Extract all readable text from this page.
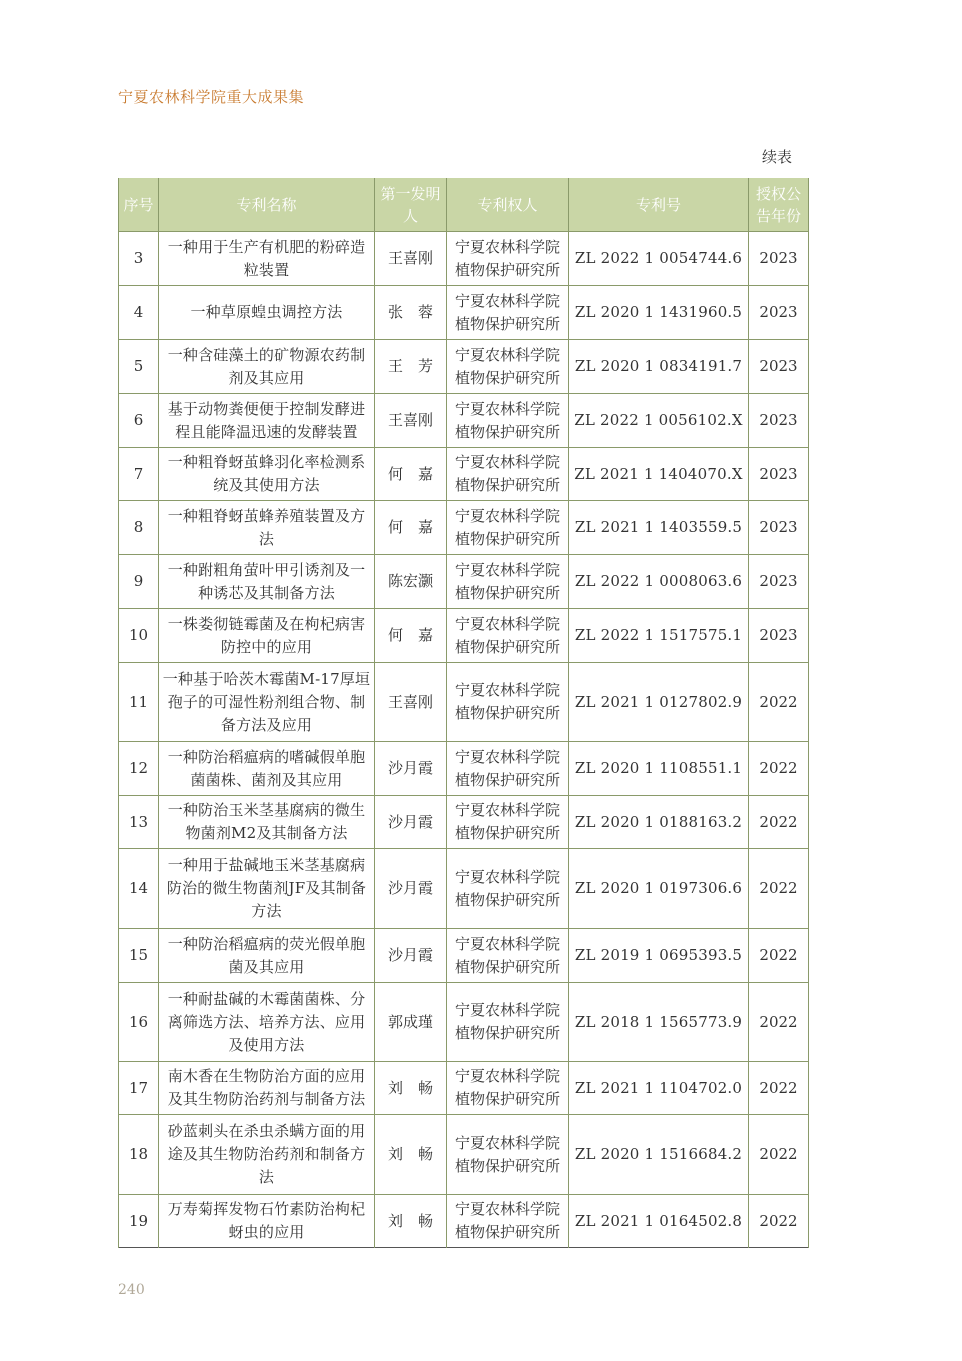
宁夏农林科学院重大成果集
续表
序号	专利名称	第一发明人	专利权人	专利号	授权公告年份
3	一种用于生产有机肥的粉碎造粒装置	王喜刚	宁夏农林科学院植物保护研究所	ZL 2022 1 0054744.6	2023
4	一种草原蝗虫调控方法	张　蓉	宁夏农林科学院植物保护研究所	ZL 2020 1 1431960.5	2023
5	一种含硅藻土的矿物源农药制剂及其应用	王　芳	宁夏农林科学院植物保护研究所	ZL 2020 1 0834191.7	2023
6	基于动物粪便便于控制发酵进程且能降温迅速的发酵装置	王喜刚	宁夏农林科学院植物保护研究所	ZL 2022 1 0056102.X	2023
7	一种粗脊蚜茧蜂羽化率检测系统及其使用方法	何　嘉	宁夏农林科学院植物保护研究所	ZL 2021 1 1404070.X	2023
8	一种粗脊蚜茧蜂养殖装置及方法	何　嘉	宁夏农林科学院植物保护研究所	ZL 2021 1 1403559.5	2023
9	一种跗粗角萤叶甲引诱剂及一种诱芯及其制备方法	陈宏灏	宁夏农林科学院植物保护研究所	ZL 2022 1 0008063.6	2023
10	一株娄彻链霉菌及在枸杞病害防控中的应用	何　嘉	宁夏农林科学院植物保护研究所	ZL 2022 1 1517575.1	2023
11	一种基于哈茨木霉菌M-17厚垣孢子的可湿性粉剂组合物、制备方法及应用	王喜刚	宁夏农林科学院植物保护研究所	ZL 2021 1 0127802.9	2022
12	一种防治稻瘟病的嗜碱假单胞菌菌株、菌剂及其应用	沙月霞	宁夏农林科学院植物保护研究所	ZL 2020 1 1108551.1	2022
13	一种防治玉米茎基腐病的微生物菌剂M2及其制备方法	沙月霞	宁夏农林科学院植物保护研究所	ZL 2020 1 0188163.2	2022
14	一种用于盐碱地玉米茎基腐病防治的微生物菌剂JF及其制备方法	沙月霞	宁夏农林科学院植物保护研究所	ZL 2020 1 0197306.6	2022
15	一种防治稻瘟病的荧光假单胞菌及其应用	沙月霞	宁夏农林科学院植物保护研究所	ZL 2019 1 0695393.5	2022
16	一种耐盐碱的木霉菌菌株、分离筛选方法、培养方法、应用及使用方法	郭成瑾	宁夏农林科学院植物保护研究所	ZL 2018 1 1565773.9	2022
17	南木香在生物防治方面的应用及其生物防治药剂与制备方法	刘　畅	宁夏农林科学院植物保护研究所	ZL 2021 1 1104702.0	2022
18	砂蓝刺头在杀虫杀螨方面的用途及其生物防治药剂和制备方法	刘　畅	宁夏农林科学院植物保护研究所	ZL 2020 1 1516684.2	2022
19	万寿菊挥发物石竹素防治枸杞蚜虫的应用	刘　畅	宁夏农林科学院植物保护研究所	ZL 2021 1 0164502.8	2022
240
